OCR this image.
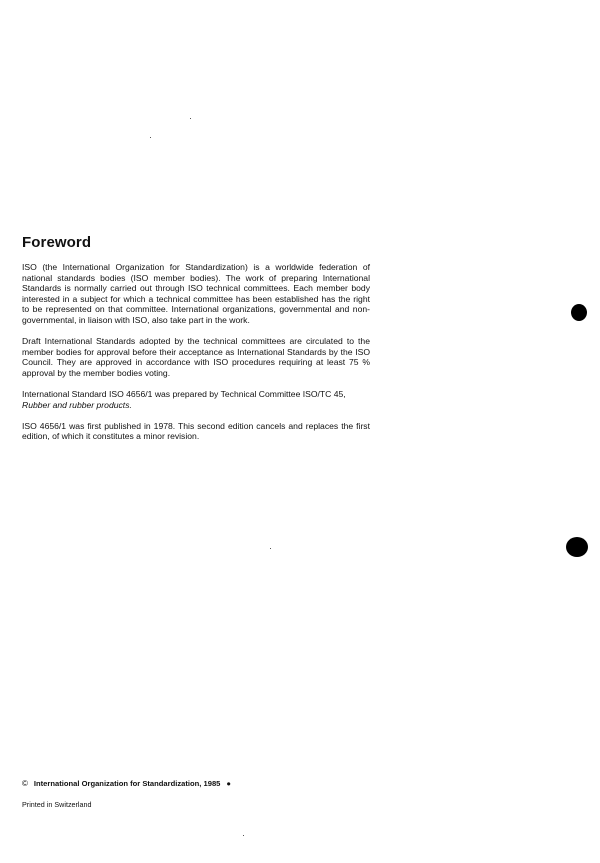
Foreword

ISO (the International Organization for Standardization) is a worldwide federation of national standards bodies (ISO member bodies). The work of preparing International Standards is normally carried out through ISO technical committees. Each member body interested in a subject for which a technical committee has been established has the right to be represented on that committee. International organizations, governmental and non-governmental, in liaison with ISO, also take part in the work.

Draft International Standards adopted by the technical committees are circulated to the member bodies for approval before their acceptance as International Standards by the ISO Council. They are approved in accordance with ISO procedures requiring at least 75 % approval by the member bodies voting.

International Standard ISO 4656/1 was prepared by Technical Committee ISO/TC 45,
Rubber and rubber products.

ISO 4656/1 was first published in 1978. This second edition cancels and replaces the first edition, of which it constitutes a minor revision.

© International Organization for Standardization, 1985 ●
Printed in Switzerland
